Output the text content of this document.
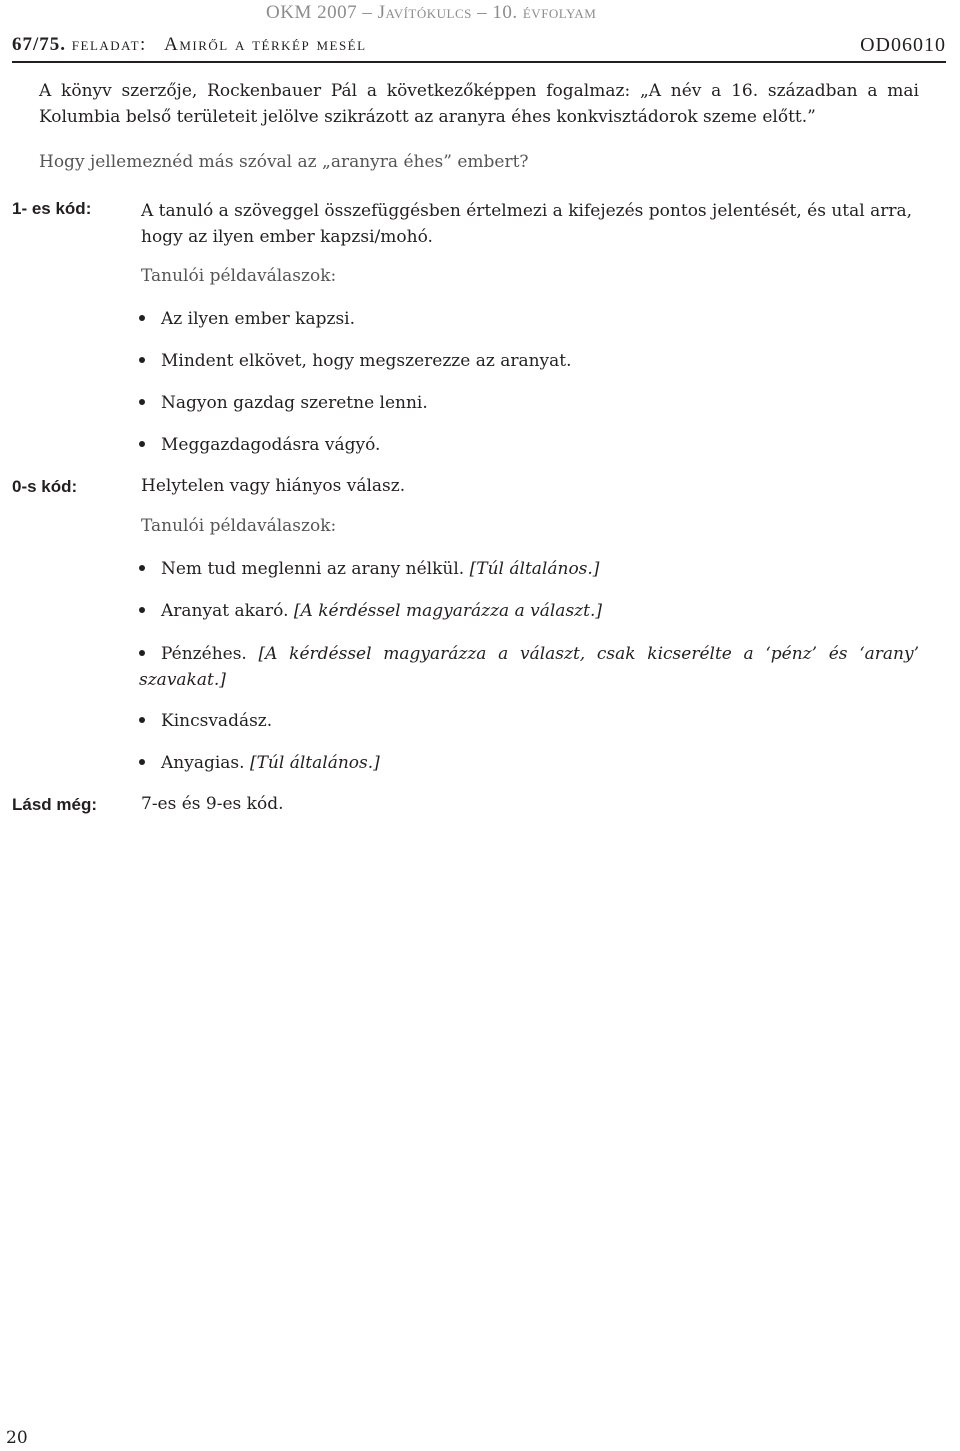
OKM 2007 – Javítókulcs – 10. évfolyam
67/75. feladat: Amiről a térkép mesél	OD06010
A könyv szerzője, Rockenbauer Pál a következőképpen fogalmaz: „A név a 16. században a mai Kolumbia belső területeit jelölve szikrázott az aranyra éhes konkvisztádorok szeme előtt.”
Hogy jellemeznéd más szóval az „aranyra éhes” embert?
1- es kód:	A tanuló a szöveggel összefüggésben értelmezi a kifejezés pontos jelentését, és utal arra, hogy az ilyen ember kapzsi/mohó.
Tanulói példaválaszok:
Az ilyen ember kapzsi.
Mindent elkövet, hogy megszerezze az aranyat.
Nagyon gazdag szeretne lenni.
Meggazdagodásra vágyó.
0-s kód:	Helytelen vagy hiányos válasz.
Tanulói példaválaszok:
Nem tud meglenni az arany nélkül. [Túl általános.]
Aranyat akaró. [A kérdéssel magyarázza a választ.]
Pénzéhes. [A kérdéssel magyarázza a választ, csak kicserélte a ‘pénz’ és ‘arany’ szavakat.]
Kincsvadász.
Anyagias. [Túl általános.]
Lásd még:	7-es és 9-es kód.
20
